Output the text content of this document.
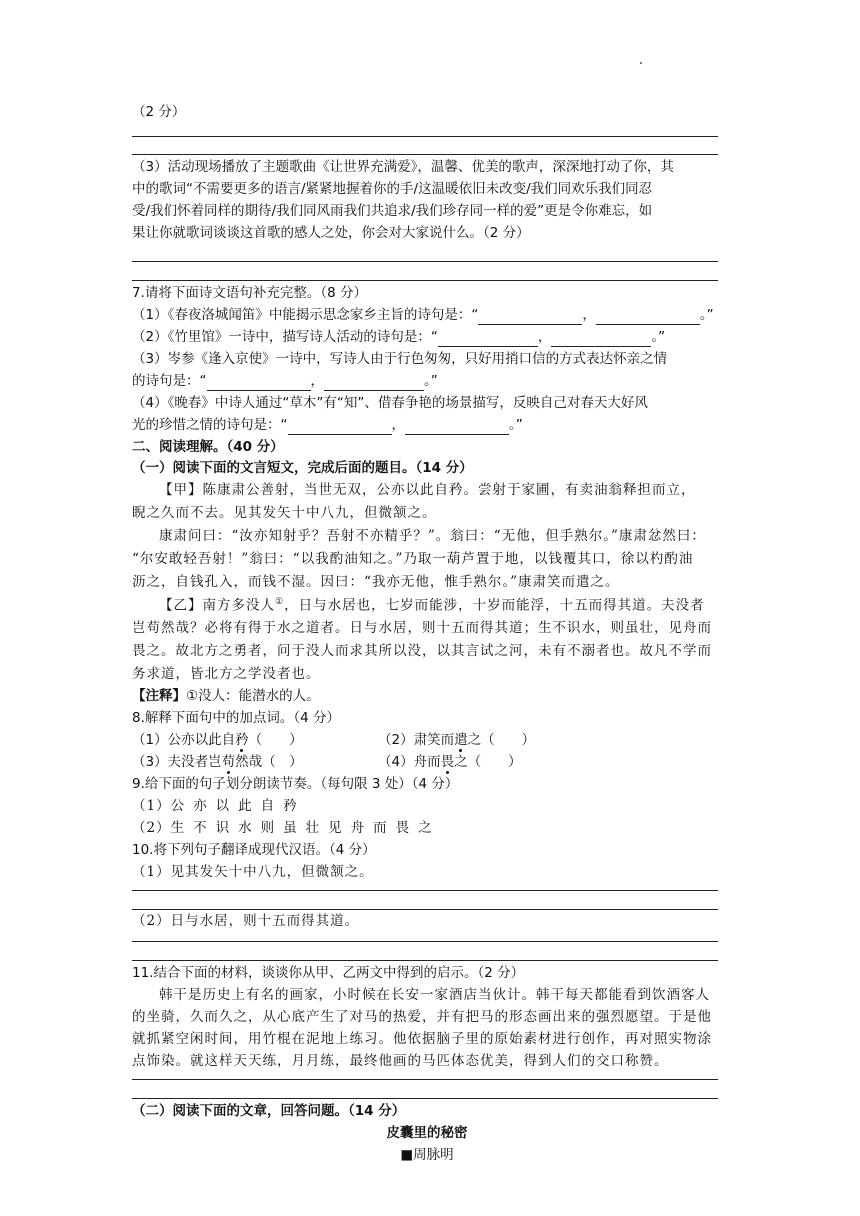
（2 分）
（3）活动现场播放了主题歌曲《让世界充满爱》，温馨、优美的歌声，深深地打动了你，其
中的歌词“不需要更多的语言/紧紧地握着你的手/这温暖依旧未改变/我们同欢乐我们同忍
受/我们怀着同样的期待/我们同风雨我们共追求/我们珍存同一样的爱”更是令你难忘，如
果让你就歌词谈谈这首歌的感人之处，你会对大家说什么。（2 分）
7.请将下面诗文语句补充完整。（8 分）
（1）《春夜洛城闻笛》中能揭示思念家乡主旨的诗句是：“	，	。”
（2）《竹里馆》一诗中，描写诗人活动的诗句是：“	，	。”
（3）岑参《逢入京使》一诗中，写诗人由于行色匆匆，只好用捎口信的方式表达怀亲之情
的诗句是：“	，	。”
（4）《晚春》中诗人通过“草木”有“知”、借春争艳的场景描写，反映自己对春天大好风
光的珍惜之情的诗句是：“	，	。”
二、阅读理解。（40 分）
（一）阅读下面的文言短文，完成后面的题目。（14 分）
【甲】陈康肃公善射，当世无双，公亦以此自矜。尝射于家圃，有卖油翁释担而立，
睨之久而不去。见其发矢十中八九，但微颔之。
康肃问曰：“汝亦知射乎？吾射不亦精乎？”。翁曰：“无他，但手熟尔。”康肃忿然曰：
“尔安敢轻吾射！”翁曰：“以我酌油知之。”乃取一葫芦置于地，以钱覆其口，徐以杓酌油
沥之，自钱孔入，而钱不湿。因曰：“我亦无他，惟手熟尔。”康肃笑而遣之。
【乙】南方多没人①，日与水居也，七岁而能涉，十岁而能浮，十五而得其道。夫没者
岂苟然哉？必将有得于水之道者。日与水居，则十五而得其道；生不识水，则虽壮，见舟而
畏之。故北方之勇者，问于没人而求其所以没，以其言试之河，未有不溺者也。故凡不学而
务求道，皆北方之学没者也。
【注释】①没人：能潜水的人。
8.解释下面句中的加点词。（4 分）
（1）公亦以此自矜（　　）	（2）肃笑而遣之（　　）
（3）夫没者岂苟然哉（　）	（4）舟而畏之（　　）
9.给下面的句子划分朗读节奏。（每句限 3 处）（4 分）
（1）公亦以此自矜
（2）生不识水则虽壮见舟而畏之
10.将下列句子翻译成现代汉语。（4 分）
（1）见其发矢十中八九，但微颔之。
（2）日与水居，则十五而得其道。
11.结合下面的材料，谈谈你从甲、乙两文中得到的启示。（2 分）
韩干是历史上有名的画家，小时候在长安一家酒店当伙计。韩干每天都能看到饮酒客人
的坐骑，久而久之，从心底产生了对马的热爱，并有把马的形态画出来的强烈愿望。于是他
就抓紧空闲时间，用竹棍在泥地上练习。他依据脑子里的原始素材进行创作，再对照实物涂
点饰染。就这样天天练，月月练，最终他画的马匹体态优美，得到人们的交口称赞。
（二）阅读下面的文章，回答问题。（14 分）
皮囊里的秘密
■周脉明
